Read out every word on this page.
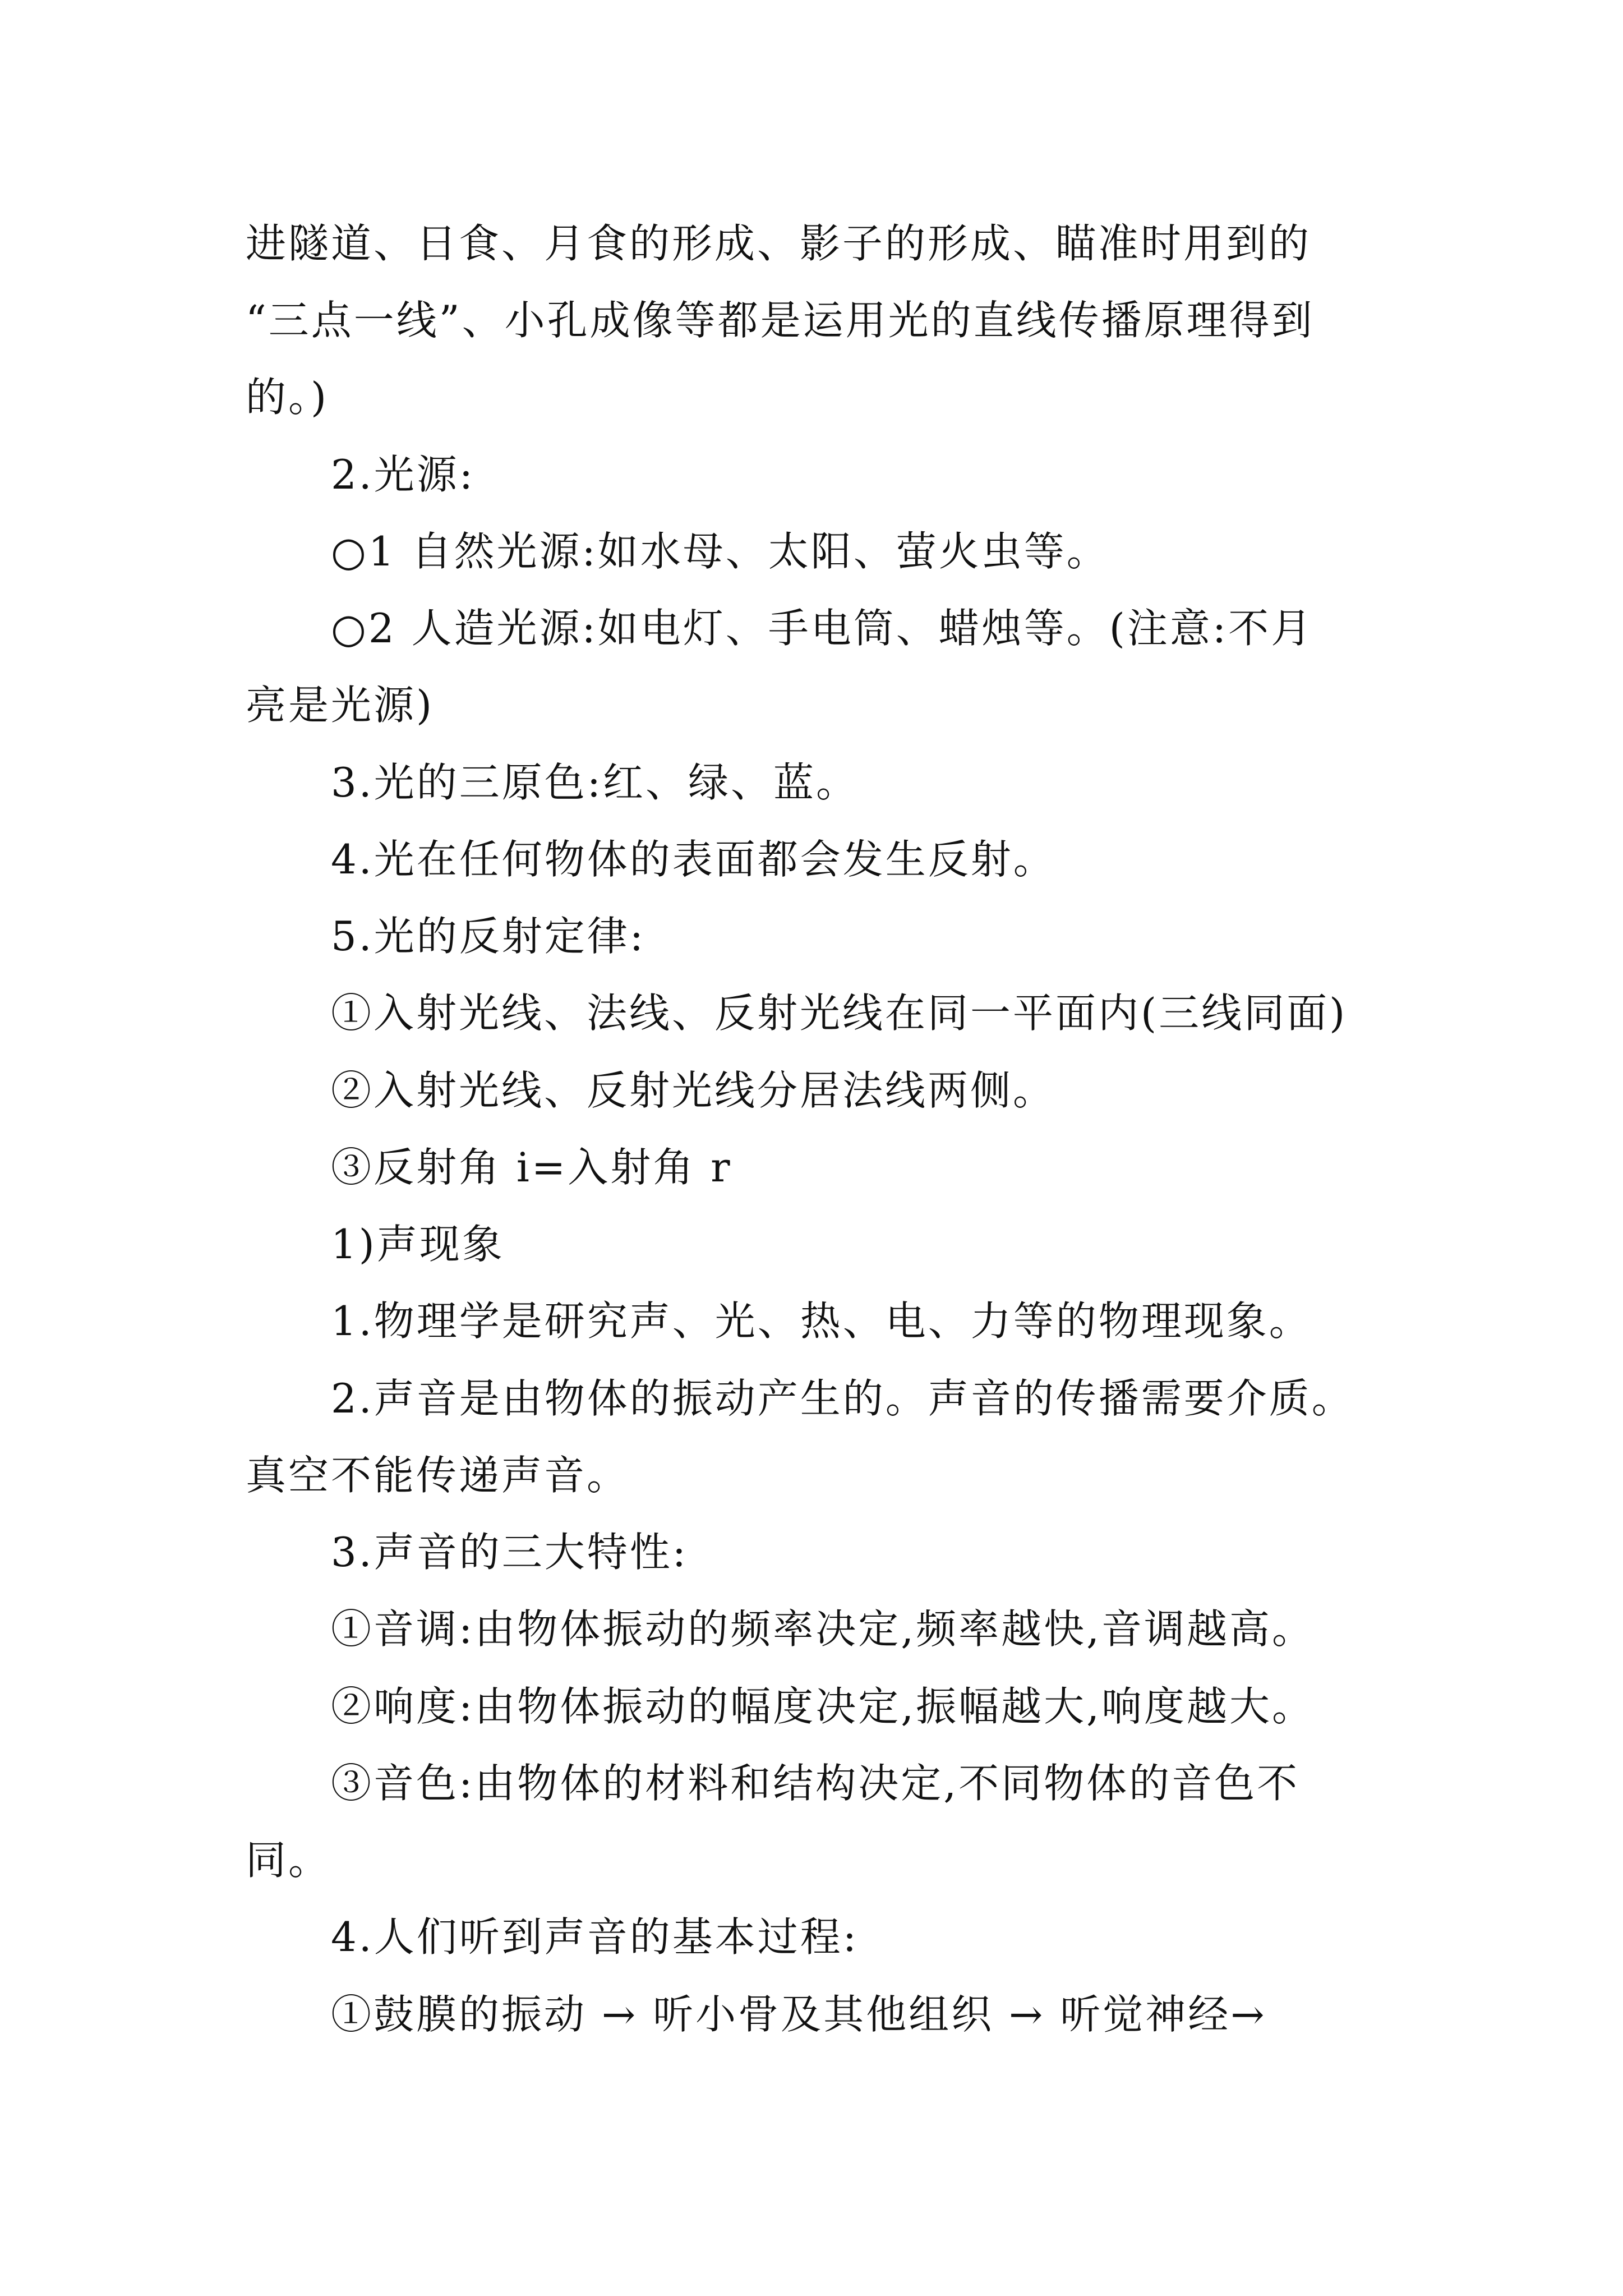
进隧道、日食、月食的形成、影子的形成、瞄准时用到的
“三点一线”、小孔成像等都是运用光的直线传播原理得到
的。)
2.光源:
○1 自然光源:如水母、太阳、萤火虫等。
○2 人造光源:如电灯、手电筒、蜡烛等。(注意:不月
亮是光源)
3.光的三原色:红、绿、蓝。
4.光在任何物体的表面都会发生反射。
5.光的反射定律:
①入射光线、法线、反射光线在同一平面内(三线同面)
②入射光线、反射光线分居法线两侧。
③反射角 i=入射角 r
1)声现象
1.物理学是研究声、光、热、电、力等的物理现象。
2.声音是由物体的振动产生的。声音的传播需要介质。
真空不能传递声音。
3.声音的三大特性:
①音调:由物体振动的频率决定,频率越快,音调越高。
②响度:由物体振动的幅度决定,振幅越大,响度越大。
③音色:由物体的材料和结构决定,不同物体的音色不
同。
4.人们听到声音的基本过程:
①鼓膜的振动 → 听小骨及其他组织 → 听觉神经→
